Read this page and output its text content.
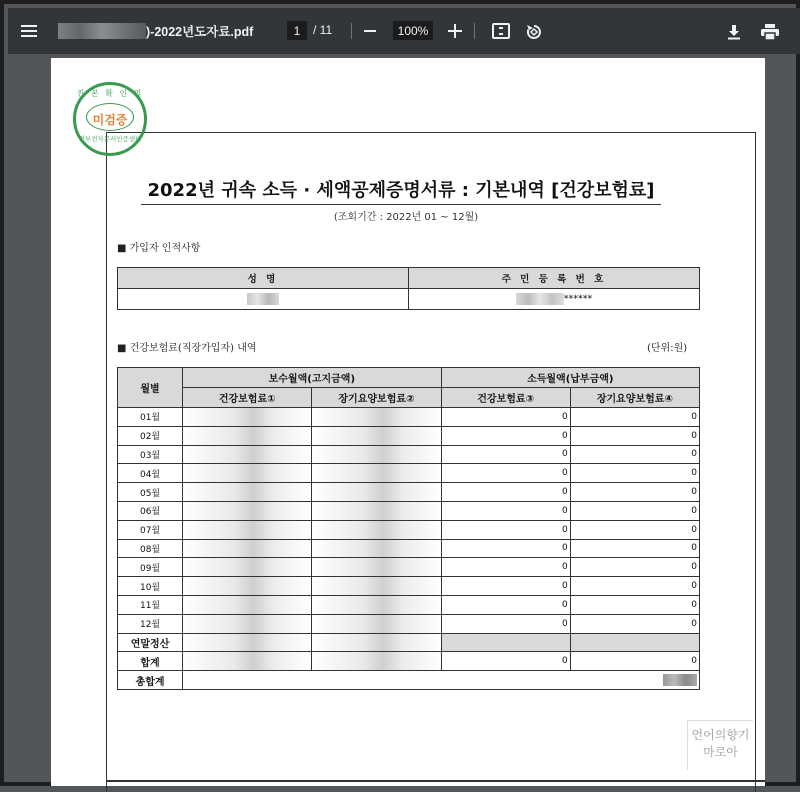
)-2022년도자료.pdf	1	/ 11	100%
진 본 확 인 필
미검증
정부전자문서인증센터
2022년 귀속 소득 · 세액공제증명서류 : 기본내역 [건강보험료]
(조회기간 : 2022년 01 ~ 12월)
■ 가입자 인적사항
성 명	주 민 등 록 번 호
	******
■ 건강보험료(직장가입자) 내역	(단위:원)
월별	보수월액(고지금액)		소득월액(납부금액)	
	건강보험료①	장기요양보험료②	건강보험료③	장기요양보험료④
01월			0	0
02월			0	0
03월			0	0
04월			0	0
05월			0	0
06월			0	0
07월			0	0
08월			0	0
09월			0	0
10월			0	0
11월			0	0
12월			0	0
연말정산	

합계			0	0
총합계				
언어의향기
마로아
